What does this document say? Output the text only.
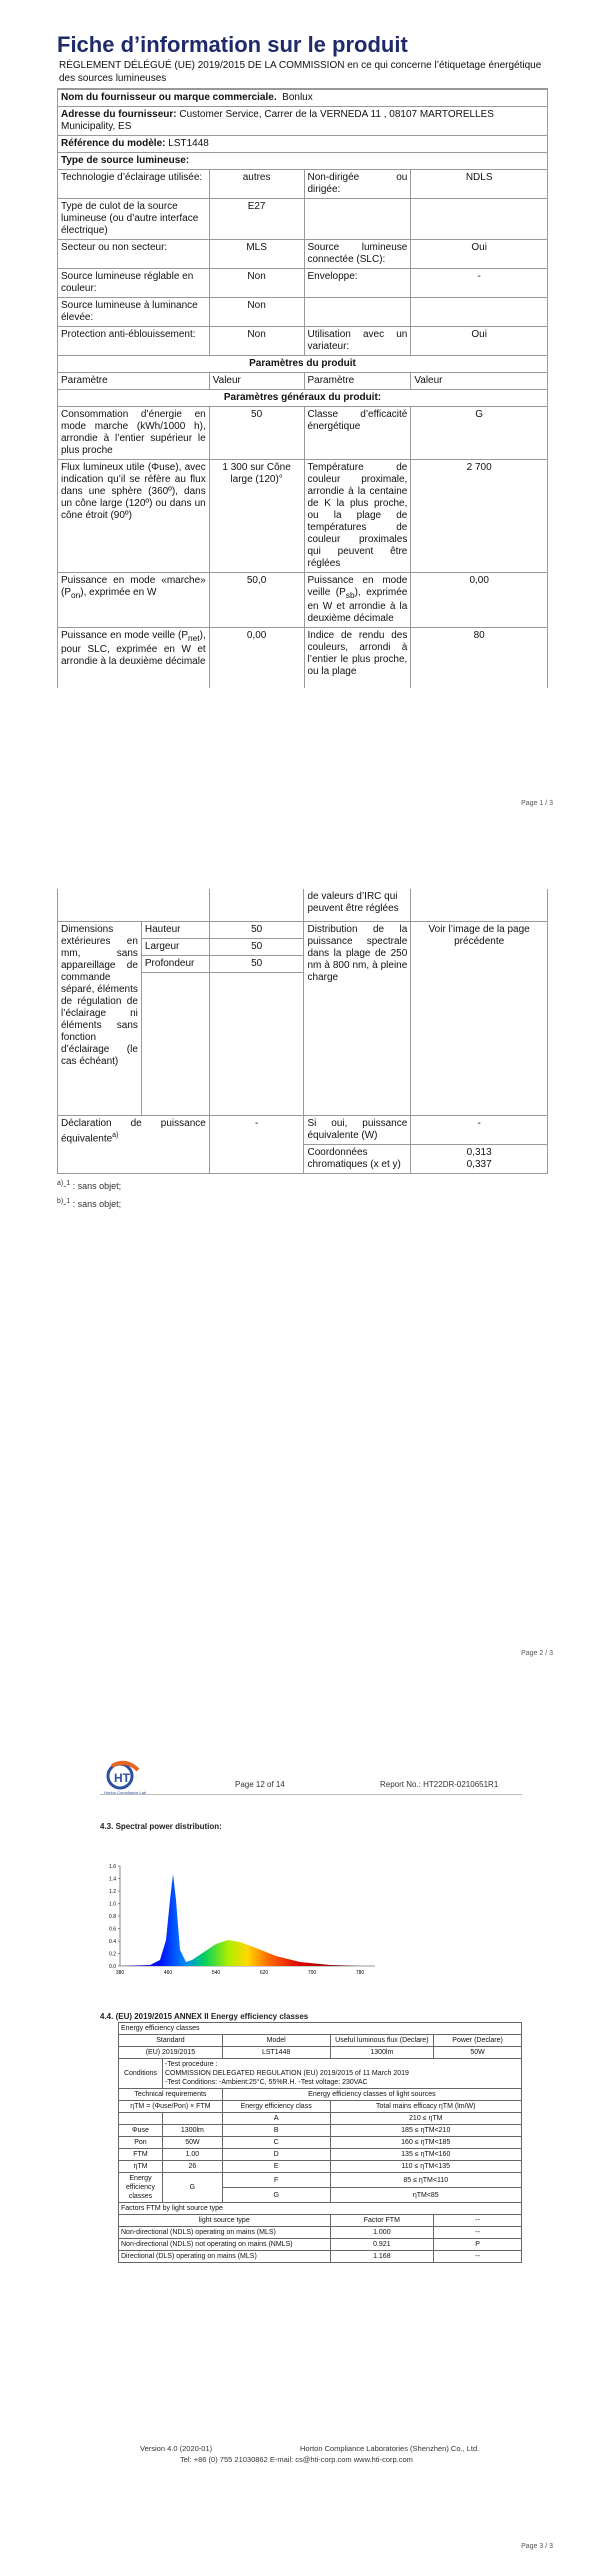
Fiche d’information sur le produit
RÈGLEMENT DÉLÉGUÉ (UE) 2019/2015 DE LA COMMISSION en ce qui concerne l’étiquetage énergétique des sources lumineuses
Nom du fournisseur ou marque commerciale. Bonlux			
Adresse du fournisseur: Customer Service, Carrer de la VERNEDA 11 , 08107 MARTORELLES Municipality, ES			
Référence du modèle: LST1448			
Type de source lumineuse:			
Technologie d’éclairage utilisée:	autres	Non-dirigée ou dirigée:	NDLS
Type de culot de la source lumineuse (ou d’autre interface électrique)	E27		
Secteur ou non secteur:	MLS	Source lumineuse connectée (SLC):	Oui
Source lumineuse réglable en couleur:	Non	Enveloppe:	-
Source lumineuse à luminance élevée:	Non		
Protection anti-éblouissement:	Non	Utilisation avec un variateur:	Oui
Paramètres du produit			
Paramètre	Valeur	Paramètre	Valeur
Paramètres généraux du produit:			
Consommation d’énergie en mode marche (kWh/1000 h), arrondie à l’entier supérieur le plus proche	50	Classe d’efficacité énergétique	G
Flux lumineux utile (Φuse), avec indication qu’il se réfère au flux dans une sphère (360º), dans un cône large (120º) ou dans un cône étroit (90º)	1 300 sur Cône large (120)°	Température de couleur proximale, arrondie à la centaine de K la plus proche, ou la plage de températures de couleur proximales qui peuvent être réglées	2 700
Puissance en mode «marche» $(P_{on})$, exprimée en W	50,0	Puissance en mode veille $(P_{sb})$, exprimée en W et arrondie à la deuxième décimale	0,00
Puissance en mode veille $(P_{net})$, pour SLC, exprimée en W et arrondie à la deuxième décimale	0,00	Indice de rendu des couleurs, arrondi à l’entier le plus proche, ou la plage	80
Page 1 / 3
			de valeurs d’IRC qui peuvent être réglées	
Dimensions extérieures en mm, sans appareillage de commande séparé, éléments de régulation de l’éclairage ni éléments sans fonction d’éclairage (le cas échéant)	Hauteur	50	Distribution de la puissance spectrale dans la plage de 250 nm à 800 nm, à pleine charge	Voir l’image de la page précédente
	Largeur	50		
	Profondeur	50		

Déclaration de puissance équivalente$^{a)}$		-	Si oui, puissance équivalente (W)	-
			Coordonnées chromatiques (x et y)	0,313
0,337
$^{a)}$-$^1$ : sans objet;
$^{b)}$-$^1$ : sans objet;
Page 2 / 3
HT
Horton Compliance Lab
Page 12 of 14	Report No.: HT22DR-0210651R1
4.3. Spectral power distribution:
1.6
1.4
1.2
1.0
0.8
0.6
0.4
0.2
0.0
380	460	540	620	700	780
4.4. (EU) 2019/2015 ANNEX II Energy efficiency classes
Energy efficiency classes				
Standard		Model	Useful luminous flux (Declare)	Power (Declare)
(EU) 2019/2015		LST1448	1300lm	50W
Conditions	-Test procedure :
COMMISSION DELEGATED REGULATION (EU) 2019/2015 of 11 March 2019
-Test Conditions: -Ambient:25°C, 55%R.H. -Test voltage: 230VAC			

Technical requirements		Energy efficiency classes of light sources		
ηTM = (Φuse/Pon) × FTM		Energy efficiency class	Total mains efficacy ηTM (lm/W)	
		A	210 ≤ ηTM	
Φuse	1300lm	B	185 ≤ ηTM<210	
Pon	50W	C	160 ≤ ηTM<185	
FTM	1.00	D	135 ≤ ηTM<160	
ηTM	26	E	110 ≤ ηTM<135	
Energy efficiency classes	G	F	85 ≤ ηTM<110	
		G	ηTM<85	
Factors FTM by light source type				
light source type			Factor FTM	--
Non-directional (NDLS) operating on mains (MLS)			1.000	--
Non-directional (NDLS) not operating on mains (NMLS)			0.921	P
Directional (DLS) operating on mains (MLS)			1.168	--
Version 4.0 (2020-01)	Horton Compliance Laboratories (Shenzhen) Co., Ltd.
Tel: +86 (0) 755 21030862 E-mail: cs@hti-corp.com www.hti-corp.com
Page 3 / 3
